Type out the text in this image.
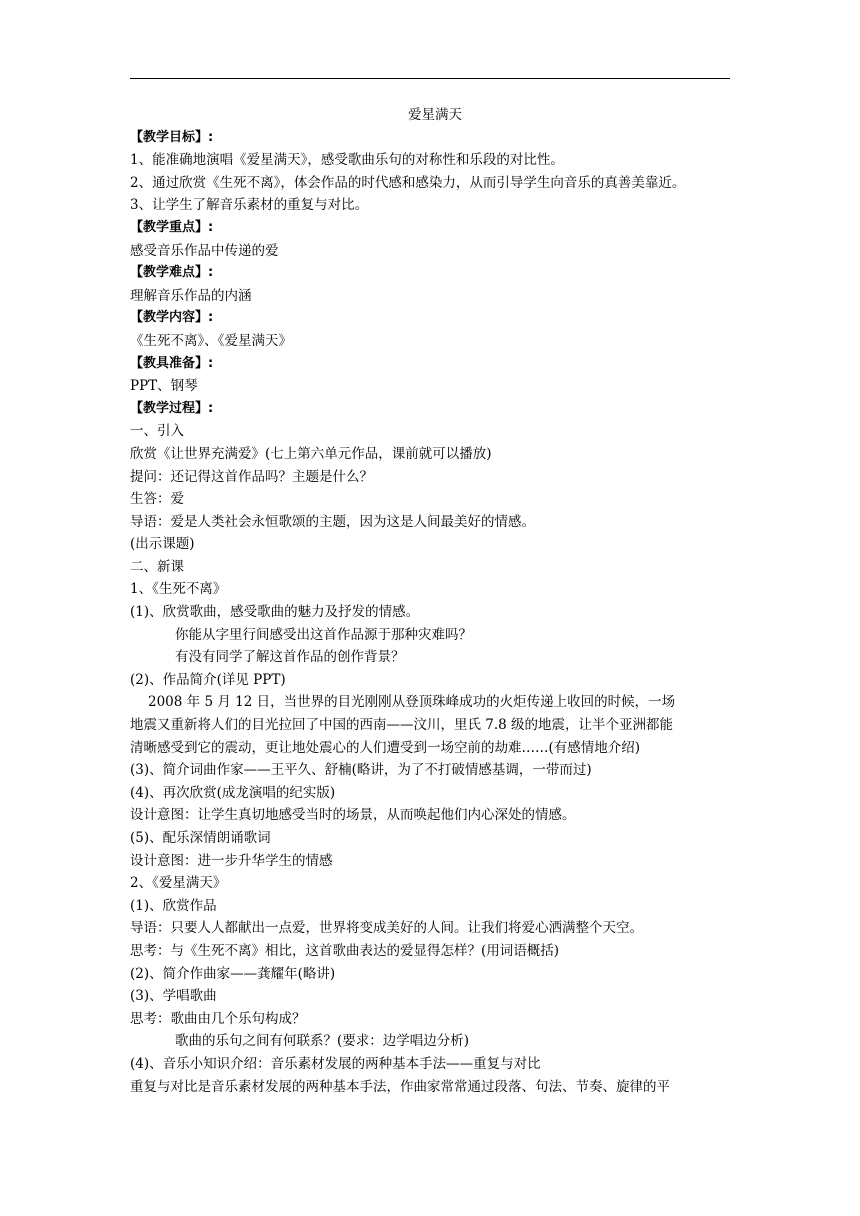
爱星满天
【教学目标】:
1、能准确地演唱《爱星满天》，感受歌曲乐句的对称性和乐段的对比性。
2、通过欣赏《生死不离》，体会作品的时代感和感染力，从而引导学生向音乐的真善美靠近。
3、让学生了解音乐素材的重复与对比。
【教学重点】:
感受音乐作品中传递的爱
【教学难点】:
理解音乐作品的内涵
【教学内容】:
《生死不离》、《爱星满天》
【教具准备】:
PPT、钢琴
【教学过程】:
一、引入
欣赏《让世界充满爱》(七上第六单元作品，课前就可以播放)
提问：还记得这首作品吗？主题是什么？
生答：爱
导语：爱是人类社会永恒歌颂的主题，因为这是人间最美好的情感。
(出示课题)
二、新课
1、《生死不离》
(1)、欣赏歌曲，感受歌曲的魅力及抒发的情感。
你能从字里行间感受出这首作品源于那种灾难吗？
有没有同学了解这首作品的创作背景？
(2)、作品简介(详见 PPT)
2008 年 5 月 12 日，当世界的目光刚刚从登顶珠峰成功的火炬传递上收回的时候，一场
地震又重新将人们的目光拉回了中国的西南——汶川，里氏 7.8 级的地震，让半个亚洲都能
清晰感受到它的震动，更让地处震心的人们遭受到一场空前的劫难……(有感情地介绍)
(3)、简介词曲作家——王平久、舒楠(略讲，为了不打破情感基调，一带而过)
(4)、再次欣赏(成龙演唱的纪实版)
设计意图：让学生真切地感受当时的场景，从而唤起他们内心深处的情感。
(5)、配乐深情朗诵歌词
设计意图：进一步升华学生的情感
2、《爱星满天》
(1)、欣赏作品
导语：只要人人都献出一点爱，世界将变成美好的人间。让我们将爱心洒满整个天空。
思考：与《生死不离》相比，这首歌曲表达的爱显得怎样？(用词语概括)
(2)、简介作曲家——龚耀年(略讲)
(3)、学唱歌曲
思考：歌曲由几个乐句构成？
歌曲的乐句之间有何联系？(要求：边学唱边分析)
(4)、音乐小知识介绍：音乐素材发展的两种基本手法——重复与对比
重复与对比是音乐素材发展的两种基本手法，作曲家常常通过段落、句法、节奏、旋律的平
